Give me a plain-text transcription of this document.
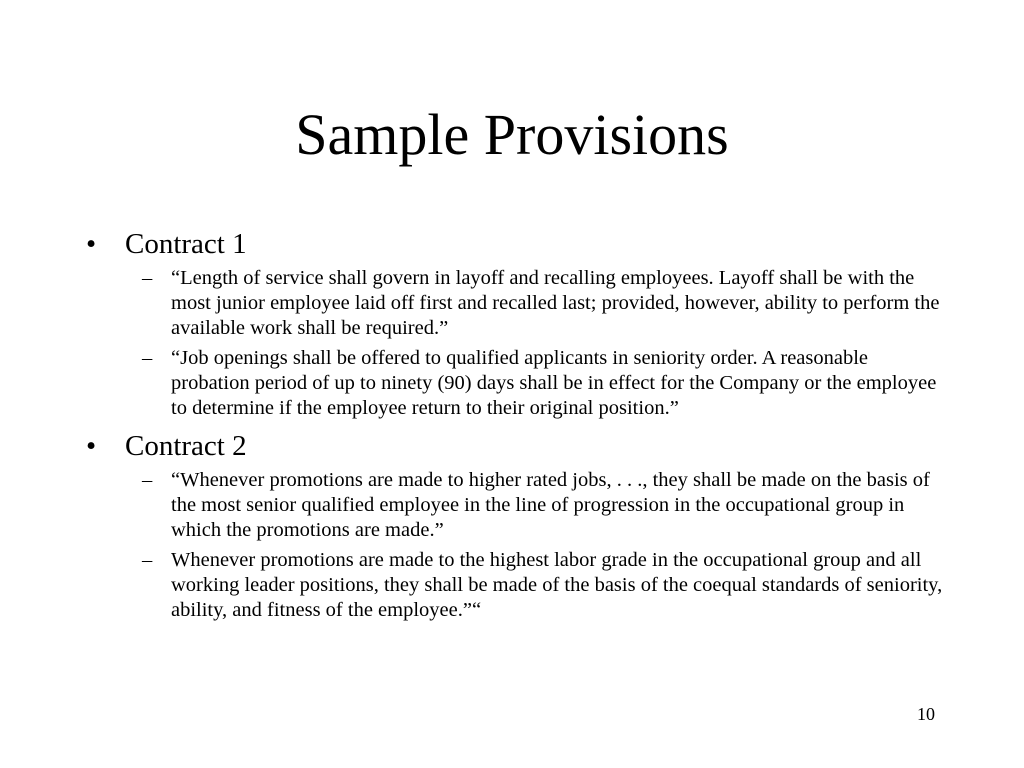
Sample Provisions
• Contract 1
– “Length of service shall govern in layoff and recalling employees. Layoff shall be with the most junior employee laid off first and recalled last; provided, however, ability to perform the available work shall be required.”
– “Job openings shall be offered to qualified applicants in seniority order. A reasonable probation period of up to ninety (90) days shall be in effect for the Company or the employee to determine if the employee return to their original position.”
• Contract 2
– “Whenever promotions are made to higher rated jobs, . . ., they shall be made on the basis of the most senior qualified employee in the line of progression in the occupational group in which the promotions are made.”
– Whenever promotions are made to the highest labor grade in the occupational group and all working leader positions, they shall be made of the basis of the coequal standards of seniority, ability, and fitness of the employee.”“
10
